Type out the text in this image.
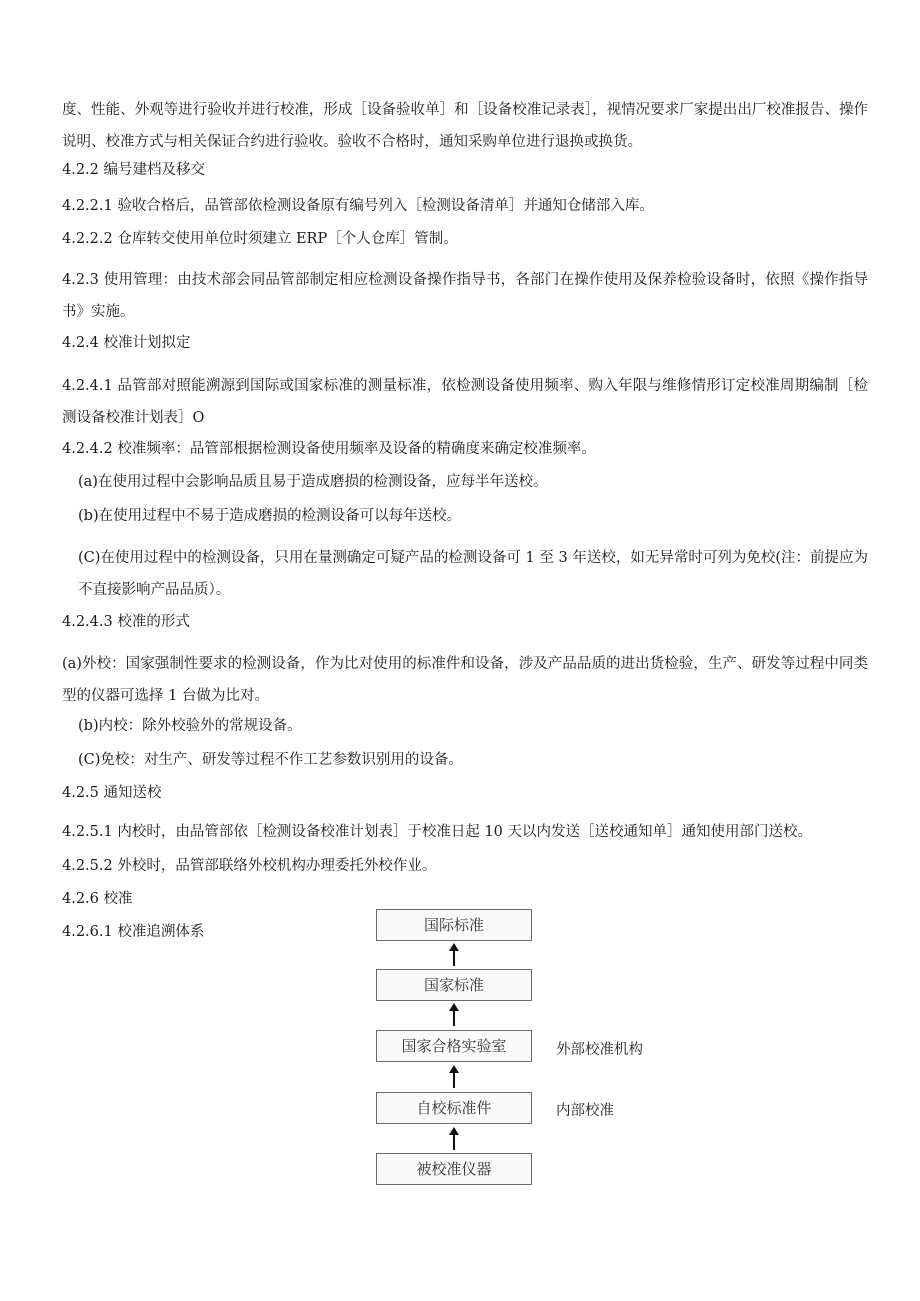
度、性能、外观等进行验收并进行校准，形成［设备验收单］和［设备校准记录表］，视情况要求厂家提出出厂校准报告、操作说明、校准方式与相关保证合约进行验收。验收不合格时，通知采购单位进行退换或换货。
4.2.2 编号建档及移交
4.2.2.1 验收合格后，品管部依检测设备原有编号列入［检测设备清单］并通知仓储部入库。
4.2.2.2 仓库转交使用单位时须建立 ERP［个人仓库］管制。
4.2.3 使用管理：由技术部会同品管部制定相应检测设备操作指导书，各部门在操作使用及保养检验设备时，依照《操作指导书》实施。
4.2.4 校准计划拟定
4.2.4.1 品管部对照能溯源到国际或国家标准的测量标准，依检测设备使用频率、购入年限与维修情形订定校准周期编制［检测设备校准计划表］O
4.2.4.2 校准频率：品管部根据检测设备使用频率及设备的精确度来确定校准频率。
(a)在使用过程中会影响品质且易于造成磨损的检测设备，应每半年送校。
(b)在使用过程中不易于造成磨损的检测设备可以每年送校。
(C)在使用过程中的检测设备，只用在量测确定可疑产品的检测设备可 1 至 3 年送校，如无异常时可列为免校(注：前提应为不直接影响产品品质）。
4.2.4.3 校准的形式
(a)外校：国家强制性要求的检测设备，作为比对使用的标准件和设备，涉及产品品质的进出货检验，生产、研发等过程中同类型的仪器可选择 1 台做为比对。
(b)内校：除外校验外的常规设备。
(C)免校：对生产、研发等过程不作工艺参数识别用的设备。
4.2.5 通知送校
4.2.5.1 内校时，由品管部依［检测设备校准计划表］于校准日起 10 天以内发送［送校通知单］通知使用部门送校。
4.2.5.2 外校时，品管部联络外校机构办理委托外校作业。
4.2.6 校准
4.2.6.1 校准追溯体系	国际标准
国家标准
国家合格实验室
自校标准件
被校准仪器
外部校准机构
内部校准
